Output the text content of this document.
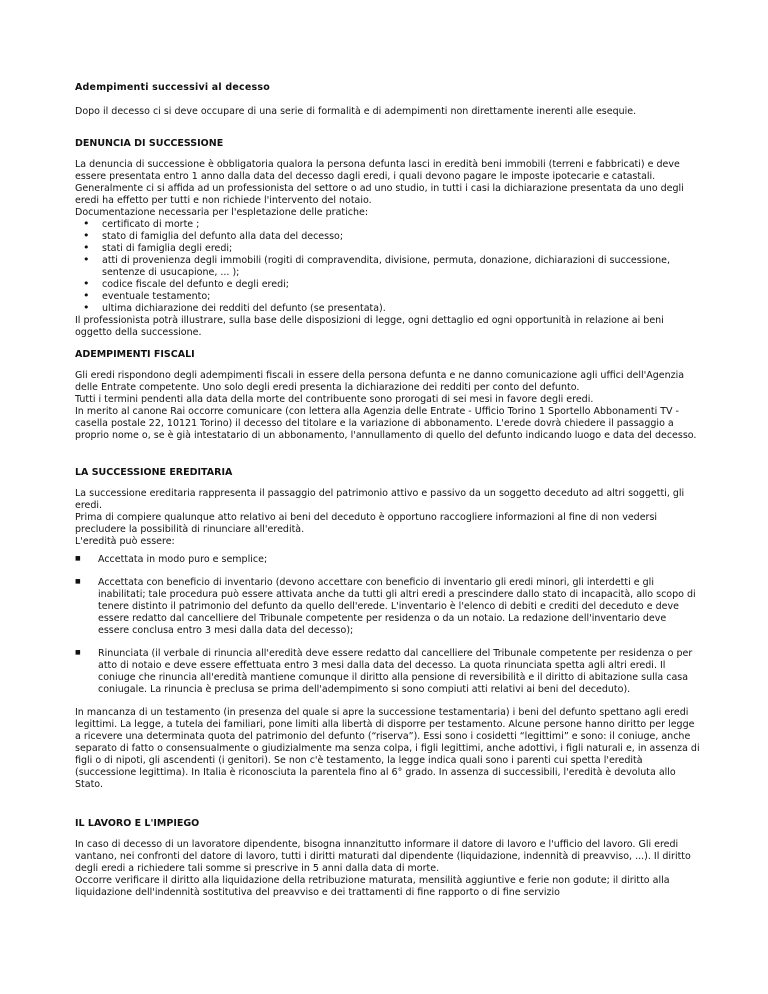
Adempimenti successivi al decesso

Dopo il decesso ci si deve occupare di una serie di formalità e di adempimenti non direttamente inerenti alle esequie.

DENUNCIA DI SUCCESSIONE

La denuncia di successione è obbligatoria qualora la persona defunta lasci in eredità beni immobili (terreni e fabbricati) e deve essere presentata entro 1 anno dalla data del decesso dagli eredi, i quali devono pagare le imposte ipotecarie e catastali. Generalmente ci si affida ad un professionista del settore o ad uno studio, in tutti i casi la dichiarazione presentata da uno degli eredi ha effetto per tutti e non richiede l'intervento del notaio.

Documentazione necessaria per l'espletazione delle pratiche:

• certificato di morte ;
• stato di famiglia del defunto alla data del decesso;
• stati di famiglia degli eredi;
• atti di provenienza degli immobili (rogiti di compravendita, divisione, permuta, donazione, dichiarazioni di successione, sentenze di usucapione, ... );
• codice fiscale del defunto e degli eredi;
• eventuale testamento;
• ultima dichiarazione dei redditi del defunto (se presentata).

Il professionista potrà illustrare, sulla base delle disposizioni di legge, ogni dettaglio ed ogni opportunità in relazione ai beni oggetto della successione.

ADEMPIMENTI FISCALI

Gli eredi rispondono degli adempimenti fiscali in essere della persona defunta e ne danno comunicazione agli uffici dell'Agenzia delle Entrate competente. Uno solo degli eredi presenta la dichiarazione dei redditi per conto del defunto.

Tutti i termini pendenti alla data della morte del contribuente sono prorogati di sei mesi in favore degli eredi.

In merito al canone Rai occorre comunicare (con lettera alla Agenzia delle Entrate - Ufficio Torino 1 Sportello Abbonamenti TV - casella postale 22, 10121 Torino) il decesso del titolare e la variazione di abbonamento. L'erede dovrà chiedere il passaggio a proprio nome o, se è già intestatario di un abbonamento, l'annullamento di quello del defunto indicando luogo e data del decesso.

LA SUCCESSIONE EREDITARIA

La successione ereditaria rappresenta il passaggio del patrimonio attivo e passivo da un soggetto deceduto ad altri soggetti, gli eredi.

Prima di compiere qualunque atto relativo ai beni del deceduto è opportuno raccogliere informazioni al fine di non vedersi precludere la possibilità di rinunciare all'eredità.

L'eredità può essere:

■ Accettata in modo puro e semplice;
■ Accettata con beneficio di inventario (devono accettare con beneficio di inventario gli eredi minori, gli interdetti e gli inabilitati; tale procedura può essere attivata anche da tutti gli altri eredi a prescindere dallo stato di incapacità, allo scopo di tenere distinto il patrimonio del defunto da quello dell'erede. L'inventario è l'elenco di debiti e crediti del deceduto e deve essere redatto dal cancelliere del Tribunale competente per residenza o da un notaio. La redazione dell'inventario deve essere conclusa entro 3 mesi dalla data del decesso);
■ Rinunciata (il verbale di rinuncia all'eredità deve essere redatto dal cancelliere del Tribunale competente per residenza o per atto di notaio e deve essere effettuata entro 3 mesi dalla data del decesso. La quota rinunciata spetta agli altri eredi. Il coniuge che rinuncia all'eredità mantiene comunque il diritto alla pensione di reversibilità e il diritto di abitazione sulla casa coniugale. La rinuncia è preclusa se prima dell'adempimento si sono compiuti atti relativi ai beni del deceduto).

In mancanza di un testamento (in presenza del quale si apre la successione testamentaria) i beni del defunto spettano agli eredi legittimi. La legge, a tutela dei familiari, pone limiti alla libertà di disporre per testamento. Alcune persone hanno diritto per legge a ricevere una determinata quota del patrimonio del defunto (“riserva”). Essi sono i cosidetti “legittimi” e sono: il coniuge, anche separato di fatto o consensualmente o giudizialmente ma senza colpa, i figli legittimi, anche adottivi, i figli naturali e, in assenza di figli o di nipoti, gli ascendenti (i genitori). Se non c'è testamento, la legge indica quali sono i parenti cui spetta l'eredità (successione legittima). In Italia è riconosciuta la parentela fino al 6° grado. In assenza di successibili, l'eredità è devoluta allo Stato.

IL LAVORO E L'IMPIEGO

In caso di decesso di un lavoratore dipendente, bisogna innanzitutto informare il datore di lavoro e l'ufficio del lavoro. Gli eredi vantano, nei confronti del datore di lavoro, tutti i diritti maturati dal dipendente (liquidazione, indennità di preavviso, ...). Il diritto degli eredi a richiedere tali somme si prescrive in 5 anni dalla data di morte.

Occorre verificare il diritto alla liquidazione della retribuzione maturata, mensilità aggiuntive e ferie non godute; il diritto alla liquidazione dell'indennità sostitutiva del preavviso e dei trattamenti di fine rapporto o di fine servizio
